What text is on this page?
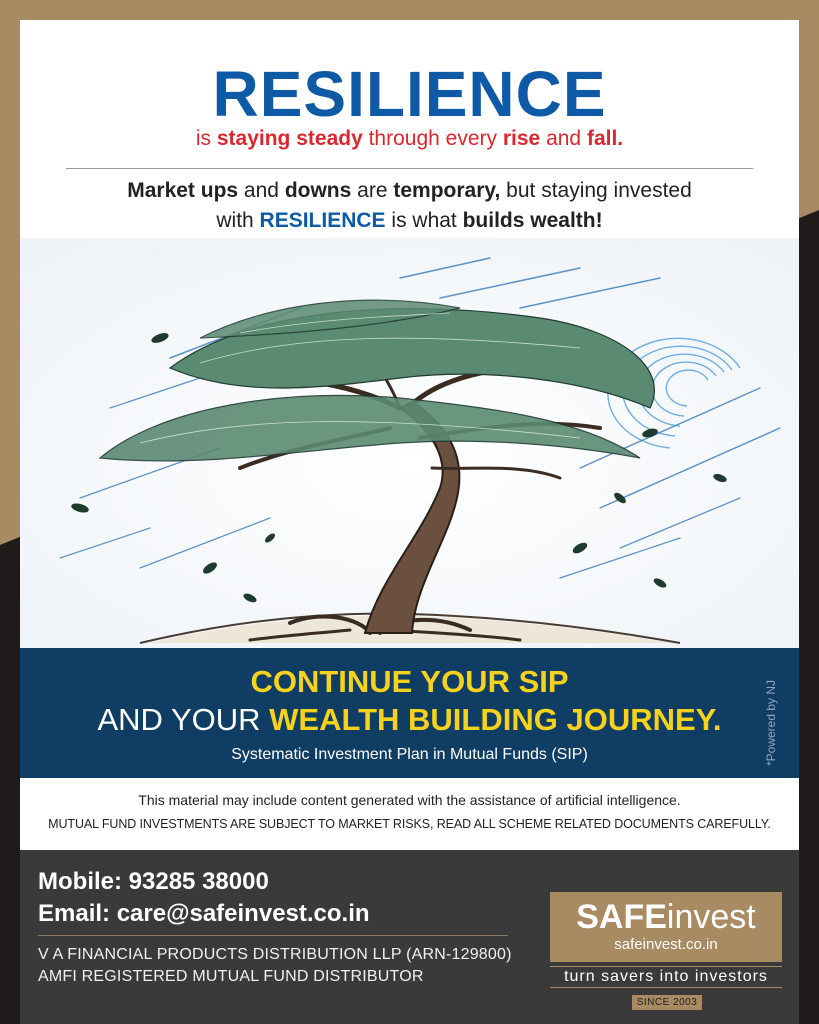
RESILIENCE
is staying steady through every rise and fall.
Market ups and downs are temporary, but staying invested
with RESILIENCE is what builds wealth!
CONTINUE YOUR SIP
AND YOUR WEALTH BUILDING JOURNEY.
Systematic Investment Plan in Mutual Funds (SIP)	*Powered by NJ
This material may include content generated with the assistance of artificial intelligence.
MUTUAL FUND INVESTMENTS ARE SUBJECT TO MARKET RISKS, READ ALL SCHEME RELATED DOCUMENTS CAREFULLY.
Mobile: 93285 38000
Email: care@safeinvest.co.in
V A FINANCIAL PRODUCTS DISTRIBUTION LLP (ARN-129800)
AMFI REGISTERED MUTUAL FUND DISTRIBUTOR
SAFEinvest
safeinvest.co.in
turn savers into investors
SINCE 2003
